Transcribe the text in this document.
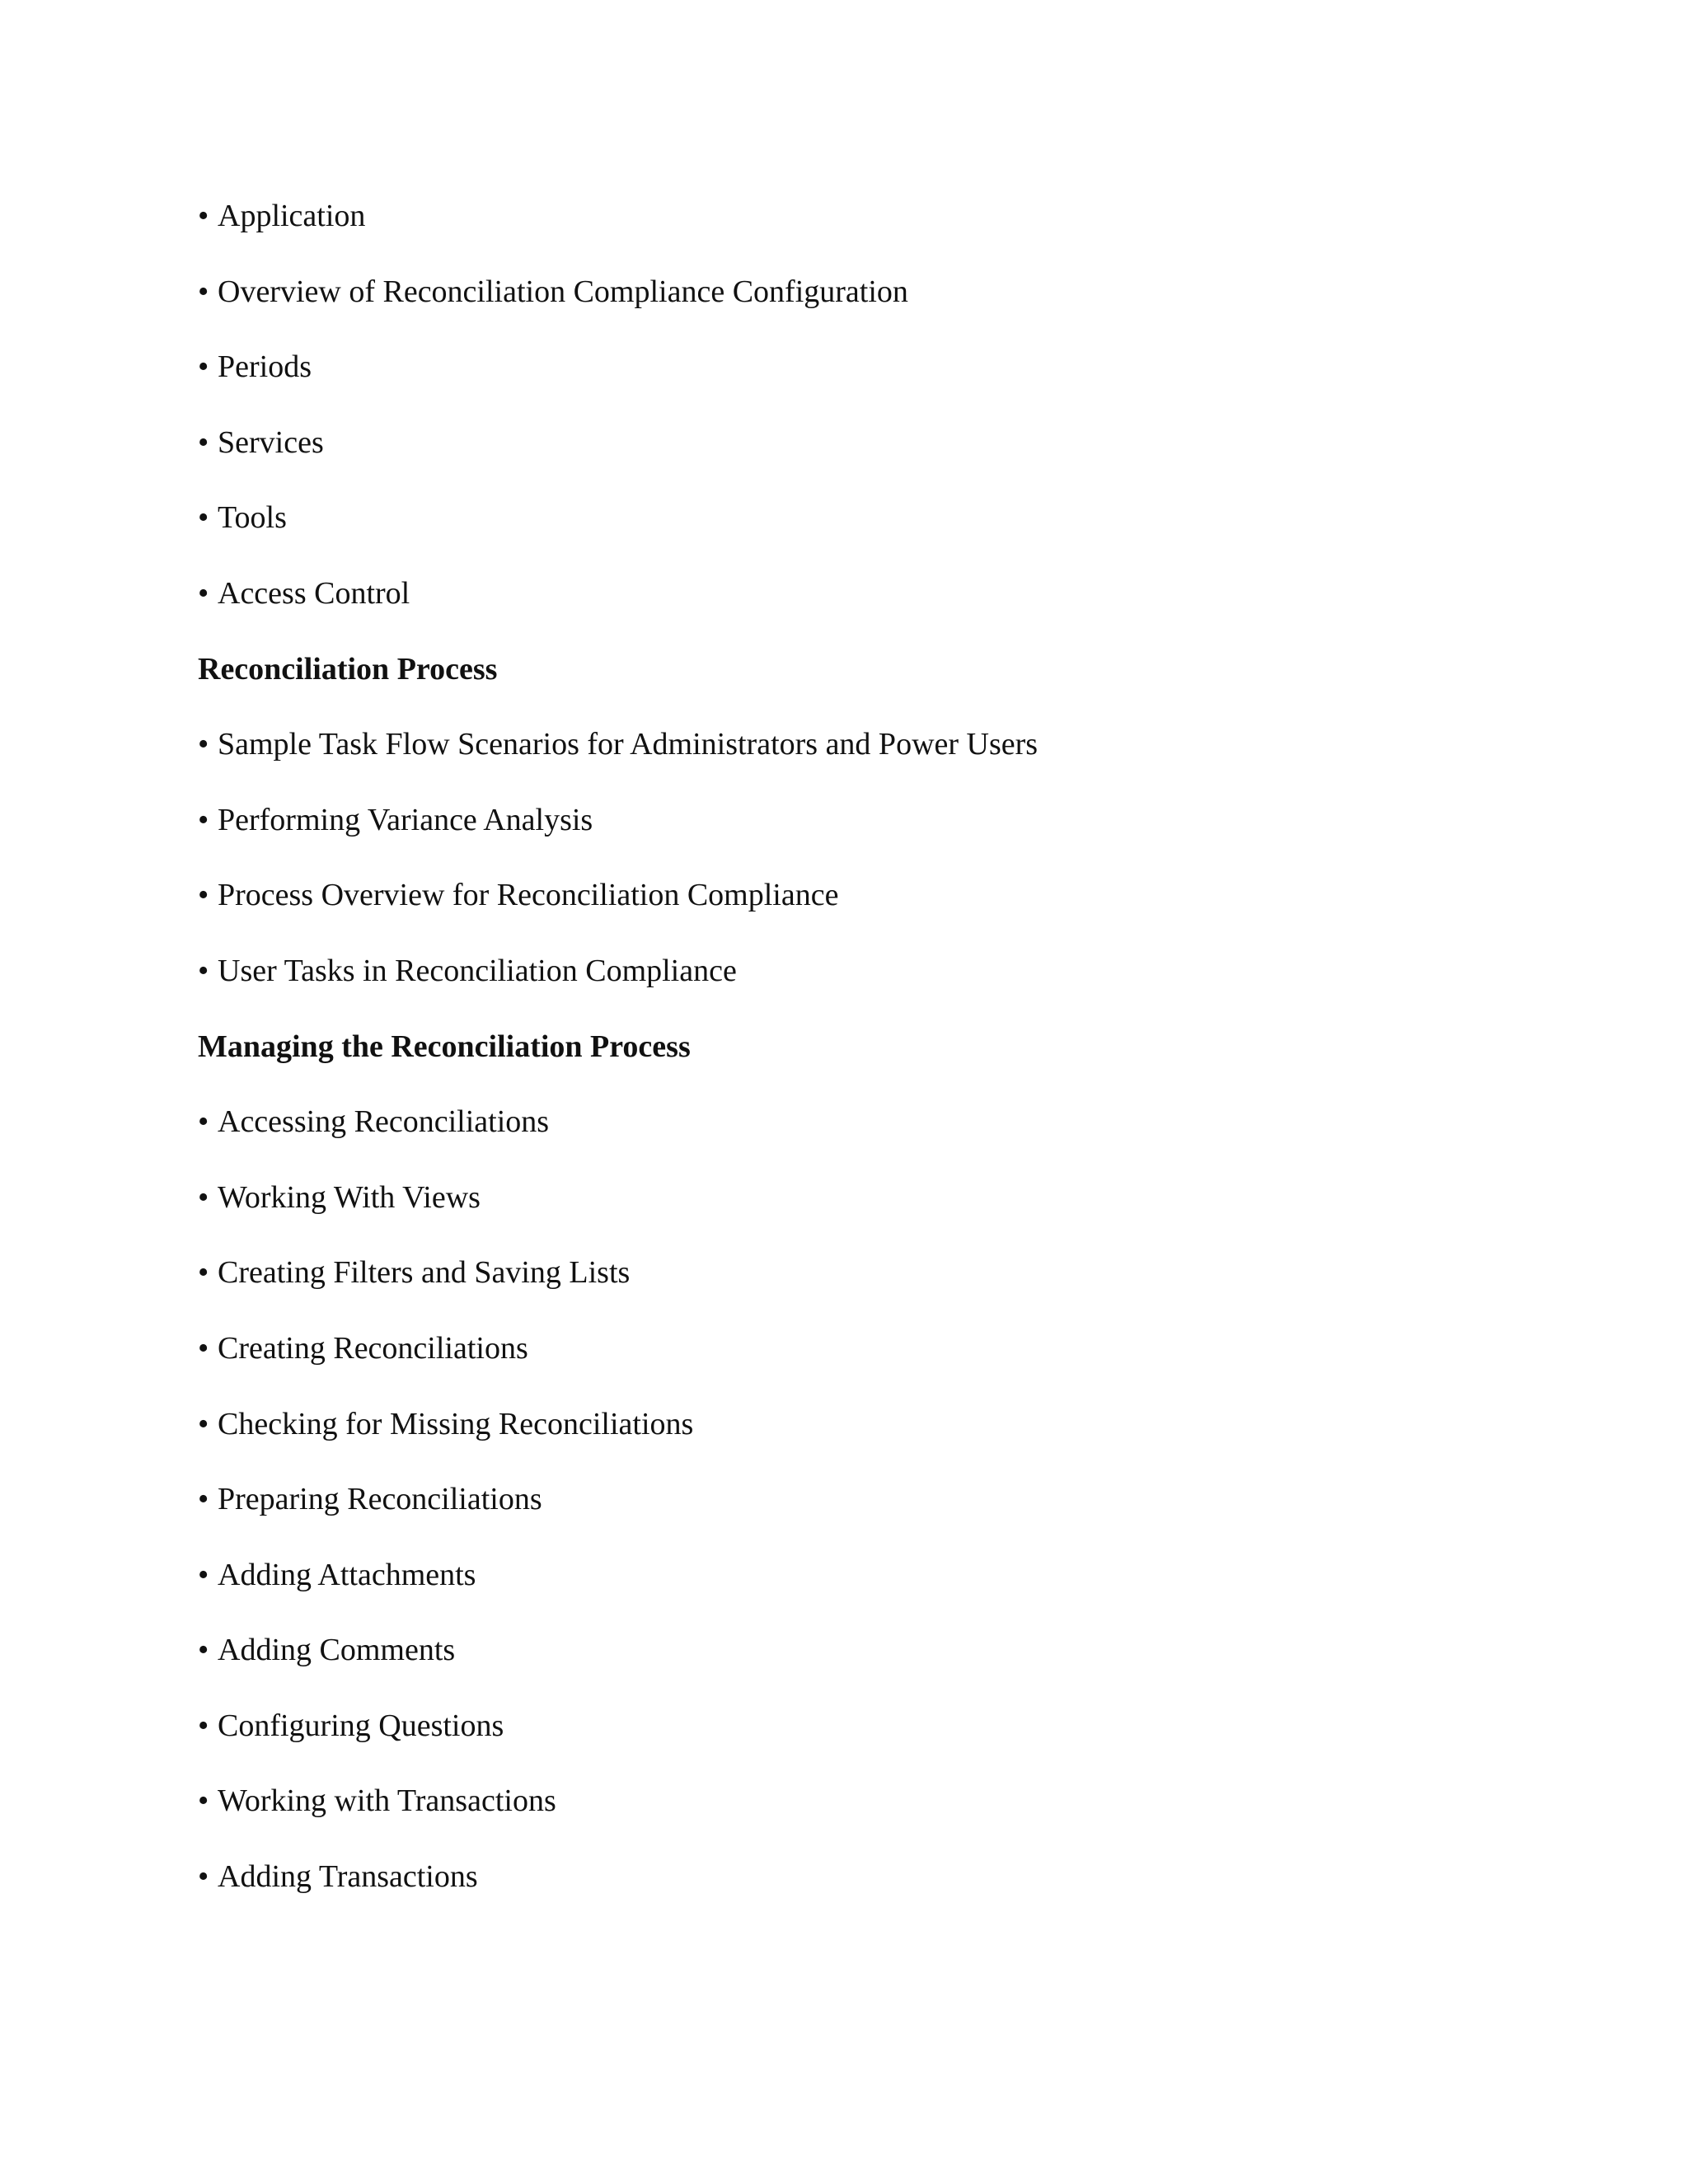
• Application
• Overview of Reconciliation Compliance Configuration
• Periods
• Services
• Tools
• Access Control
Reconciliation Process
• Sample Task Flow Scenarios for Administrators and Power Users
• Performing Variance Analysis
• Process Overview for Reconciliation Compliance
• User Tasks in Reconciliation Compliance
Managing the Reconciliation Process
• Accessing Reconciliations
• Working With Views
• Creating Filters and Saving Lists
• Creating Reconciliations
• Checking for Missing Reconciliations
• Preparing Reconciliations
• Adding Attachments
• Adding Comments
• Configuring Questions
• Working with Transactions
• Adding Transactions
